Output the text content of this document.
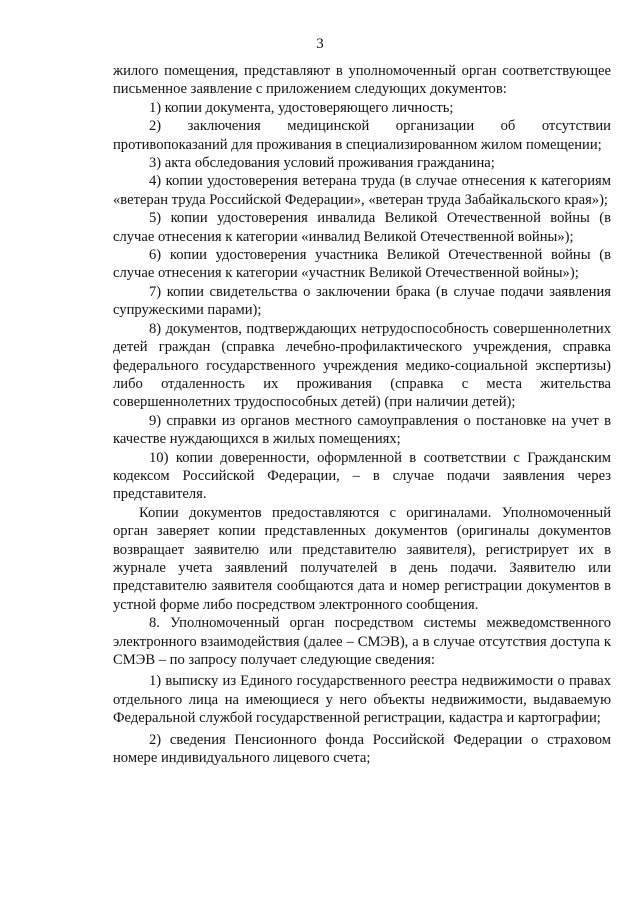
3

жилого помещения, представляют в уполномоченный орган соответствующее письменное заявление с приложением следующих документов:

1) копии документа, удостоверяющего личность;

2) заключения медицинской организации об отсутствии противопоказаний для проживания в специализированном жилом помещении;

3) акта обследования условий проживания гражданина;

4) копии удостоверения ветерана труда (в случае отнесения к категориям «ветеран труда Российской Федерации», «ветеран труда Забайкальского края»);

5) копии удостоверения инвалида Великой Отечественной войны (в случае отнесения к категории «инвалид Великой Отечественной войны»);

6) копии удостоверения участника Великой Отечественной войны (в случае отнесения к категории «участник Великой Отечественной войны»);

7) копии свидетельства о заключении брака (в случае подачи заявления супружескими парами);

8) документов, подтверждающих нетрудоспособность совершеннолетних детей граждан (справка лечебно-профилактического учреждения, справка федерального государственного учреждения медико-социальной экспертизы) либо отдаленность их проживания (справка с места жительства совершеннолетних трудоспособных детей) (при наличии детей);

9) справки из органов местного самоуправления о постановке на учет в качестве нуждающихся в жилых помещениях;

10) копии доверенности, оформленной в соответствии с Гражданским кодексом Российской Федерации, – в случае подачи заявления через представителя.

Копии документов предоставляются с оригиналами. Уполномоченный орган заверяет копии представленных документов (оригиналы документов возвращает заявителю или представителю заявителя), регистрирует их в журнале учета заявлений получателей в день подачи. Заявителю или представителю заявителя сообщаются дата и номер регистрации документов в устной форме либо посредством электронного сообщения.

8. Уполномоченный орган посредством системы межведомственного электронного взаимодействия (далее – СМЭВ), а в случае отсутствия доступа к СМЭВ – по запросу получает следующие сведения:

1) выписку из Единого государственного реестра недвижимости о правах отдельного лица на имеющиеся у него объекты недвижимости, выдаваемую Федеральной службой государственной регистрации, кадастра и картографии;

2) сведения Пенсионного фонда Российской Федерации о страховом номере индивидуального лицевого счета;
